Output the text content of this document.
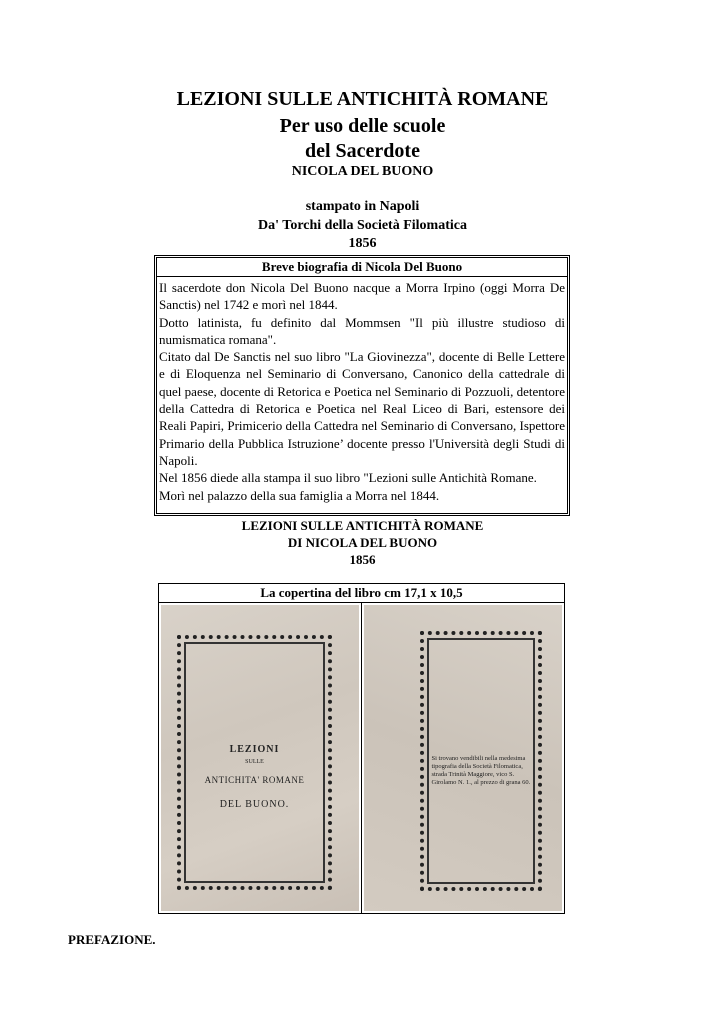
LEZIONI SULLE ANTICHITÀ ROMANE
Per uso delle scuole
del Sacerdote
NICOLA DEL BUONO
stampato in Napoli
Da' Torchi della Società Filomatica
1856
Breve biografia di Nicola Del Buono

Il sacerdote don Nicola Del Buono nacque a Morra Irpino (oggi Morra De Sanctis) nel 1742 e morì nel 1844.

Dotto latinista, fu definito dal Mommsen "Il più illustre studioso di numismatica romana".

Citato dal De Sanctis nel suo libro "La Giovinezza", docente di Belle Lettere e di Eloquenza nel Seminario di Conversano, Canonico della cattedrale di quel paese, docente di Retorica e Poetica nel Seminario di Pozzuoli, detentore della Cattedra di Retorica e Poetica nel Real Liceo di Bari, estensore dei Reali Papiri, Primicerio della Cattedra nel Seminario di Conversano, Ispettore Primario della Pubblica Istruzione’ docente presso l'Università degli Studi di Napoli.

Nel 1856 diede alla stampa il suo libro "Lezioni sulle Antichità Romane.

Morì nel palazzo della sua famiglia a Morra nel 1844.

LEZIONI SULLE ANTICHITÀ ROMANE
DI NICOLA DEL BUONO
1856
La copertina del libro cm 17,1 x 10,5
LEZIONI
SULLE
ANTICHITA' ROMANE
DEL BUONO.
Si trovano vendibili nella medesima tipografia della Società Filomatica, strada Trinità Maggiore, vico S. Girolamo N. 1., al prezzo di grana 60.
PREFAZIONE.
